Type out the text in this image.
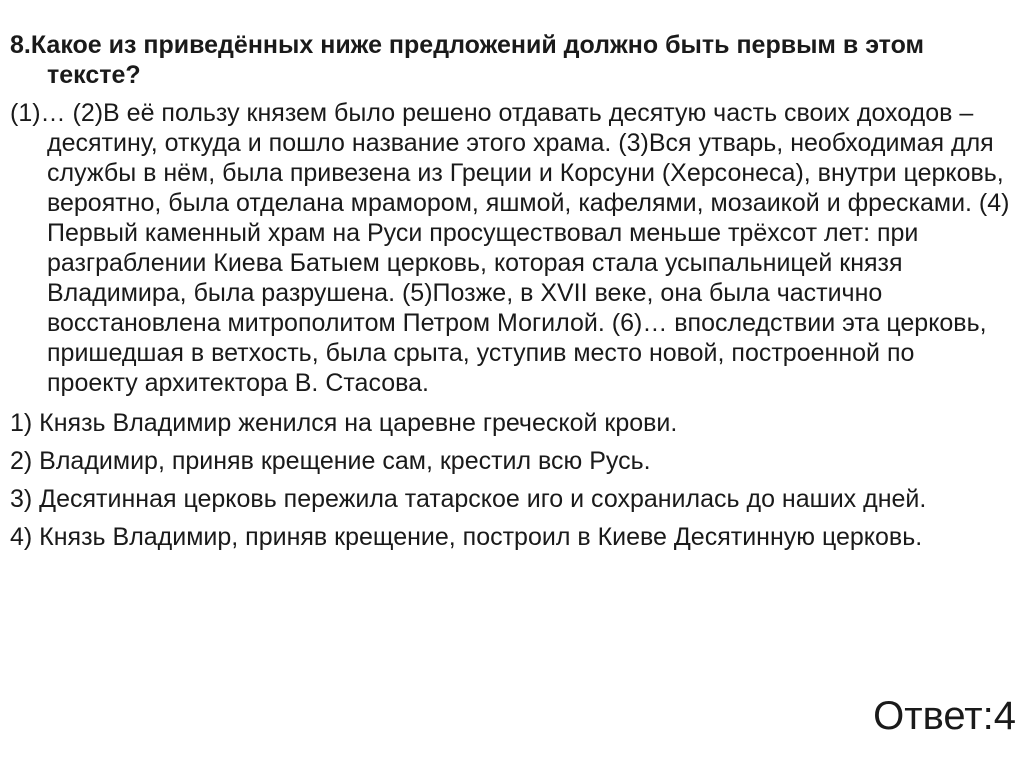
8.Какое из приведённых ниже предложений должно быть первым в этом тексте?

(1)… (2)В её пользу князем было решено отдавать десятую часть своих доходов – десятину, откуда и пошло название этого храма. (3)Вся утварь, необходимая для службы в нём, была привезена из Греции и Корсуни (Херсонеса), внутри церковь, вероятно, была отделана мрамором, яшмой, кафелями, мозаикой и фресками. (4) Первый каменный храм на Руси просуществовал меньше трёхсот лет: при разграблении Киева Батыем церковь, которая стала усыпальницей князя Владимира, была разрушена. (5)Позже, в XVII веке, она была частично восстановлена митрополитом Петром Могилой. (6)… впоследствии эта церковь, пришедшая в ветхость, была срыта, уступив место новой, построенной по проекту архитектора В. Стасова.

1) Князь Владимир женился на царевне греческой крови.

2) Владимир, приняв крещение сам, крестил всю Русь.

3) Десятинная церковь пережила татарское иго и сохранилась до наших дней.

4) Князь Владимир, приняв крещение, построил в Киеве Десятинную церковь.

Ответ:4
